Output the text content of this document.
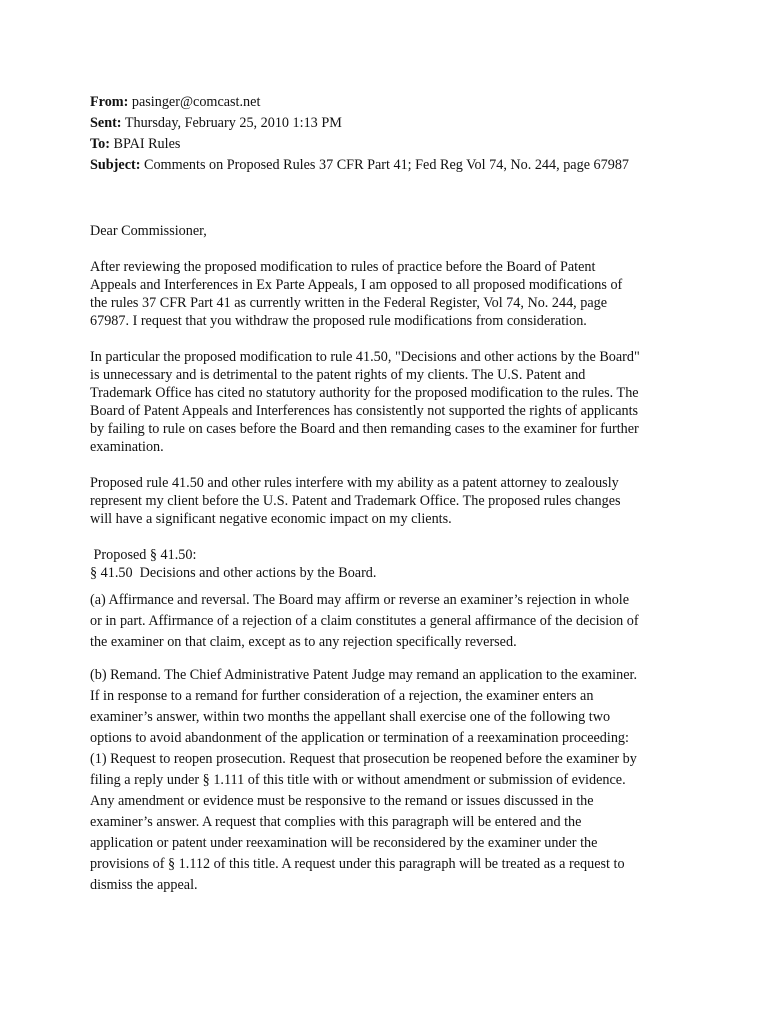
From: pasinger@comcast.net
Sent: Thursday, February 25, 2010 1:13 PM
To: BPAI Rules
Subject: Comments on Proposed Rules 37 CFR Part 41; Fed Reg Vol 74, No. 244, page 67987
Dear Commissioner,
After reviewing the proposed modification to rules of practice before the Board of Patent
Appeals and Interferences in Ex Parte Appeals, I am opposed to all proposed modifications of
the rules 37 CFR Part 41 as currently written in the Federal Register, Vol 74, No. 244, page
67987. I request that you withdraw the proposed rule modifications from consideration.
In particular the proposed modification to rule 41.50, "Decisions and other actions by the Board"
is unnecessary and is detrimental to the patent rights of my clients. The U.S. Patent and
Trademark Office has cited no statutory authority for the proposed modification to the rules. The
Board of Patent Appeals and Interferences has consistently not supported the rights of applicants
by failing to rule on cases before the Board and then remanding cases to the examiner for further
examination.
Proposed rule 41.50 and other rules interfere with my ability as a patent attorney to zealously
represent my client before the U.S. Patent and Trademark Office. The proposed rules changes
will have a significant negative economic impact on my clients.
Proposed § 41.50:
§ 41.50  Decisions and other actions by the Board.
(a) Affirmance and reversal. The Board may affirm or reverse an examiner’s rejection in whole
or in part. Affirmance of a rejection of a claim constitutes a general affirmance of the decision of
the examiner on that claim, except as to any rejection specifically reversed.
(b) Remand. The Chief Administrative Patent Judge may remand an application to the examiner.
If in response to a remand for further consideration of a rejection, the examiner enters an
examiner’s answer, within two months the appellant shall exercise one of the following two
options to avoid abandonment of the application or termination of a reexamination proceeding:
(1) Request to reopen prosecution. Request that prosecution be reopened before the examiner by
filing a reply under § 1.111 of this title with or without amendment or submission of evidence.
Any amendment or evidence must be responsive to the remand or issues discussed in the
examiner’s answer. A request that complies with this paragraph will be entered and the
application or patent under reexamination will be reconsidered by the examiner under the
provisions of § 1.112 of this title. A request under this paragraph will be treated as a request to
dismiss the appeal.
